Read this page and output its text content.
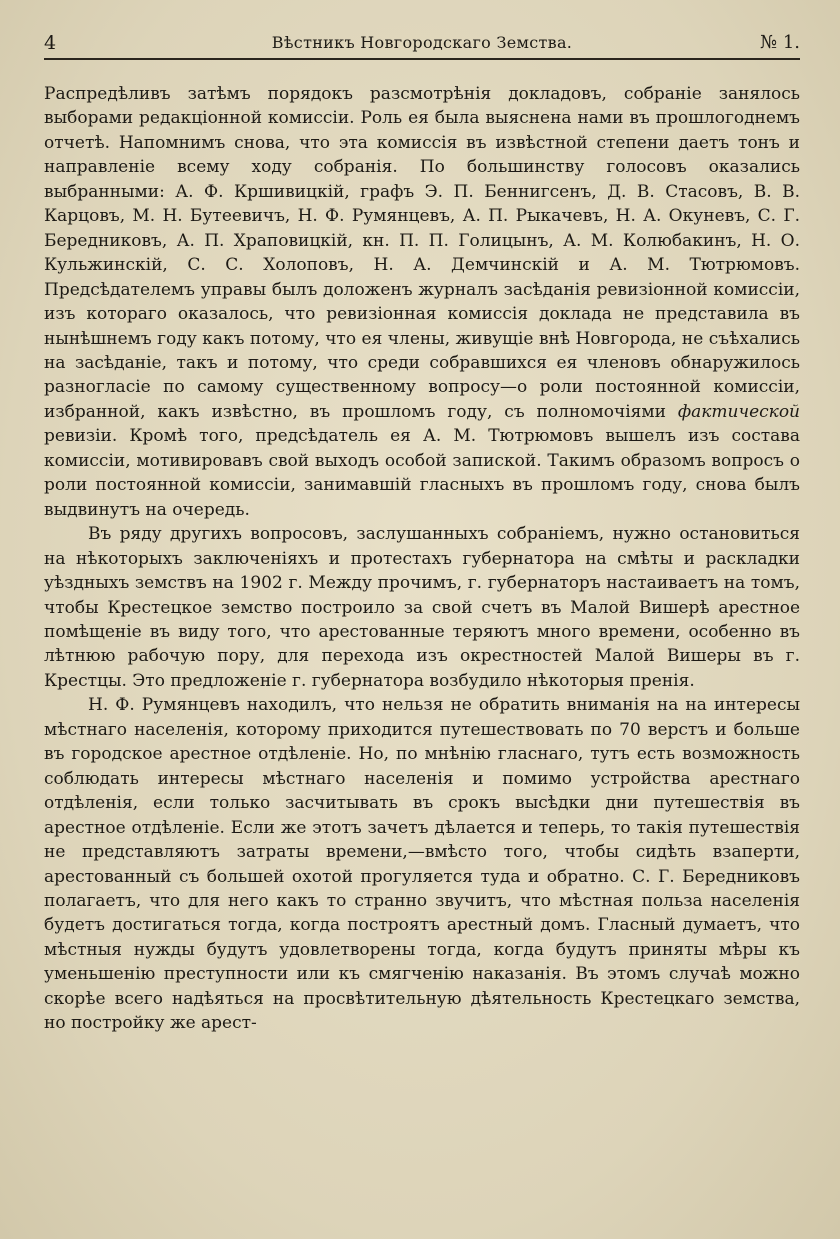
4	Вѣстникъ Новгородскаго Земства.	№ 1.

Распредѣливъ затѣмъ порядокъ разсмотрѣнія докладовъ, собраніе занялось выборами редакціонной комиссіи. Роль ея была выяснена нами въ прошлогоднемъ отчетѣ. Напомнимъ снова, что эта комиссія въ извѣстной степени даетъ тонъ и направленіе всему ходу собранія. По большинству голосовъ оказались выбранными: А. Ф. Кршивицкій, графъ Э. П. Беннигсенъ, Д. В. Стасовъ, В. В. Карцовъ, М. Н. Бутеевичъ, Н. Ф. Румянцевъ, А. П. Рыкачевъ, Н. А. Окуневъ, С. Г. Бередниковъ, А. П. Храповицкій, кн. П. П. Голицынъ, А. М. Колюбакинъ, Н. О. Кульжинскій, С. С. Холоповъ, Н. А. Демчинскій и А. М. Тютрюмовъ. Предсѣдателемъ управы былъ доложенъ журналъ засѣданія ревизіонной комиссіи, изъ котораго оказалось, что ревизіонная комиссія доклада не представила въ нынѣшнемъ году какъ потому, что ея члены, живущіе внѣ Новгорода, не съѣхались на засѣданіе, такъ и потому, что среди собравшихся ея членовъ обнаружилось разногласіе по самому существенному вопросу—о роли постоянной комиссіи, избранной, какъ извѣстно, въ прошломъ году, съ полномочіями фактической ревизіи. Кромѣ того, предсѣдатель ея А. М. Тютрюмовъ вышелъ изъ состава комиссіи, мотивировавъ свой выходъ особой запиской. Такимъ образомъ вопросъ о роли постоянной комиссіи, занимавшій гласныхъ въ прошломъ году, снова былъ выдвинутъ на очередь.

Въ ряду другихъ вопросовъ, заслушанныхъ собраніемъ, нужно остановиться на нѣкоторыхъ заключеніяхъ и протестахъ губернатора на смѣты и раскладки уѣздныхъ земствъ на 1902 г. Между прочимъ, г. губернаторъ настаиваетъ на томъ, чтобы Крестецкое земство построило за свой счетъ въ Малой Вишерѣ арестное помѣщеніе въ виду того, что арестованные теряютъ много времени, особенно въ лѣтнюю рабочую пору, для перехода изъ окрестностей Малой Вишеры въ г. Крестцы. Это предложеніе г. губернатора возбудило нѣкоторыя пренія.

Н. Ф. Румянцевъ находилъ, что нельзя не обратить вниманія на на интересы мѣстнаго населенія, которому приходится путешествовать по 70 верстъ и больше въ городское арестное отдѣленіе. Но, по мнѣнію гласнаго, тутъ есть возможность соблюдать интересы мѣстнаго населенія и помимо устройства арестнаго отдѣленія, если только засчитывать въ срокъ высѣдки дни путешествія въ арестное отдѣленіе. Если же этотъ зачетъ дѣлается и теперь, то такія путешествія не представляютъ затраты времени,—вмѣсто того, чтобы сидѣть взаперти, арестованный съ большей охотой прогуляется туда и обратно. С. Г. Бередниковъ полагаетъ, что для него какъ то странно звучитъ, что мѣстная польза населенія будетъ достигаться тогда, когда построятъ арестный домъ. Гласный думаетъ, что мѣстныя нужды будутъ удовлетворены тогда, когда будутъ приняты мѣры къ уменьшенію преступности или къ смягченію наказанія. Въ этомъ случаѣ можно скорѣе всего надѣяться на просвѣтительную дѣятельность Крестецкаго земства, но постройку же арест-
